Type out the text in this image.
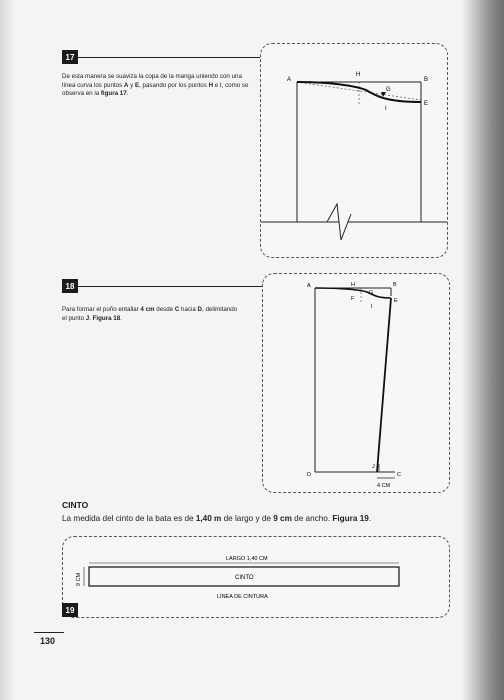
17
De esta manera se suaviza la copa de la manga uniendo con una línea curva los puntos A y E, pasando por los puntos H e I, como se observa en la figura 17.
A
H
B
G
E
I
18
Para formar el puño entallar 4 cm desde C hacia D, delimitando el punto J. Figura 18.
A	H	B
F
G
E
I
D	C
J
4 CM
CINTO
La medida del cinto de la bata es de 1,40 m de largo y de 9 cm de ancho. Figura 19.
LARGO 1,40 CM
CINTO
9 CM
LÍNEA DE CINTURA
19
130
